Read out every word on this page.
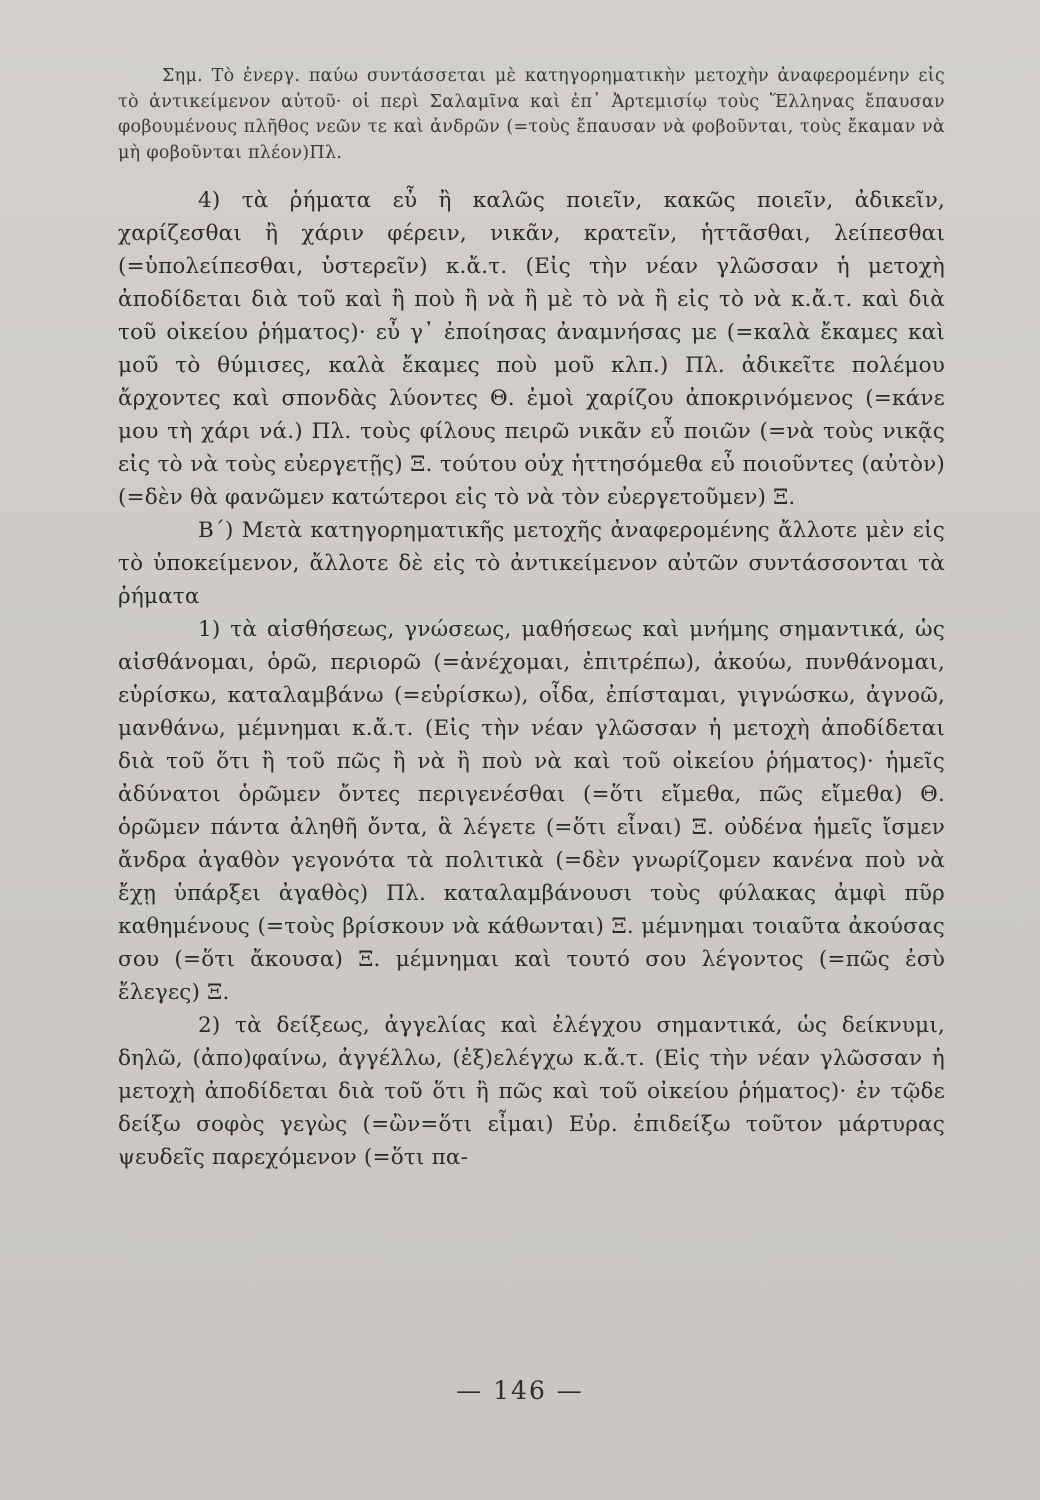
Σημ. Τὸ ἐνεργ. παύω συντάσσεται μὲ κατηγορηματικὴν μετοχὴν ἀναφερομένην εἰς τὸ ἀντικείμενον αὐτοῦ· οἱ περὶ Σαλαμῖνα καὶ ἐπ᾽ Ἀρτεμισίῳ τοὺς Ἕλληνας ἔπαυσαν φοβουμένους πλῆθος νεῶν τε καὶ ἀνδρῶν (=τοὺς ἔπαυσαν νὰ φοβοῦνται, τοὺς ἔκαμαν νὰ μὴ φοβοῦνται πλέον)Πλ.

4) τὰ ῥήματα εὖ ἢ καλῶς ποιεῖν, κακῶς ποιεῖν, ἀδικεῖν, χαρίζεσθαι ἢ χάριν φέρειν, νικᾶν, κρατεῖν, ἡττᾶσθαι, λείπεσθαι (=ὑπολείπεσθαι, ὑστερεῖν) κ.ἄ.τ. (Εἰς τὴν νέαν γλῶσσαν ἡ μετοχὴ ἀποδίδεται διὰ τοῦ καὶ ἢ ποὺ ἢ νὰ ἢ μὲ τὸ νὰ ἢ εἰς τὸ νὰ κ.ἄ.τ. καὶ διὰ τοῦ οἰκείου ῥήματος)· εὖ γ᾽ ἐποίησας ἀναμνήσας με (=καλὰ ἔκαμες καὶ μοῦ τὸ θύμισες, καλὰ ἔκαμες ποὺ μοῦ κλπ.) Πλ. ἀδικεῖτε πολέμου ἄρχοντες καὶ σπονδὰς λύοντες Θ. ἐμοὶ χαρίζου ἀποκρινόμενος (=κάνε μου τὴ χάρι νά.) Πλ. τοὺς φίλους πειρῶ νικᾶν εὖ ποιῶν (=νὰ τοὺς νικᾷς εἰς τὸ νὰ τοὺς εὐεργετῇς) Ξ. τούτου οὐχ ἡττησόμεθα εὖ ποιοῦντες (αὐτὸν) (=δὲν θὰ φανῶμεν κατώτεροι εἰς τὸ νὰ τὸν εὐεργετοῦμεν) Ξ.

Β΄) Μετὰ κατηγορηματικῆς μετοχῆς ἀναφερομένης ἄλλοτε μὲν εἰς τὸ ὑποκείμενον, ἄλλοτε δὲ εἰς τὸ ἀντικείμενον αὐτῶν συντάσσονται τὰ ῥήματα

1) τὰ αἰσθήσεως, γνώσεως, μαθήσεως καὶ μνήμης σημαντικά, ὡς αἰσθάνομαι, ὁρῶ, περιορῶ (=ἀνέχομαι, ἐπιτρέπω), ἀκούω, πυνθάνομαι, εὑρίσκω, καταλαμβάνω (=εὑρίσκω), οἶδα, ἐπίσταμαι, γιγνώσκω, ἀγνοῶ, μανθάνω, μέμνημαι κ.ἄ.τ. (Εἰς τὴν νέαν γλῶσσαν ἡ μετοχὴ ἀποδίδεται διὰ τοῦ ὅτι ἢ τοῦ πῶς ἢ νὰ ἢ ποὺ νὰ καὶ τοῦ οἰκείου ῥήματος)· ἡμεῖς ἀδύνατοι ὁρῶμεν ὄντες περιγενέσθαι (=ὅτι εἴμεθα, πῶς εἴμεθα) Θ. ὁρῶμεν πάντα ἀληθῆ ὄντα, ἃ λέγετε (=ὅτι εἶναι) Ξ. οὐδένα ἡμεῖς ἴσμεν ἄνδρα ἀγαθὸν γεγονότα τὰ πολιτικὰ (=δὲν γνωρίζομεν κανένα ποὺ νὰ ἔχῃ ὑπάρξει ἀγαθὸς) Πλ. καταλαμβάνουσι τοὺς φύλακας ἀμφὶ πῦρ καθημένους (=τοὺς βρίσκουν νὰ κάθωνται) Ξ. μέμνημαι τοιαῦτα ἀκούσας σου (=ὅτι ἄκουσα) Ξ. μέμνημαι καὶ τουτό σου λέγοντος (=πῶς ἐσὺ ἔλεγες) Ξ.

2) τὰ δείξεως, ἀγγελίας καὶ ἐλέγχου σημαντικά, ὡς δείκνυμι, δηλῶ, (ἀπο)φαίνω, ἀγγέλλω, (ἐξ)ελέγχω κ.ἄ.τ. (Εἰς τὴν νέαν γλῶσσαν ἡ μετοχὴ ἀποδίδεται διὰ τοῦ ὅτι ἢ πῶς καὶ τοῦ οἰκείου ῥήματος)· ἐν τῷδε δείξω σοφὸς γεγὼς (=ὢν=ὅτι εἶμαι) Εὐρ. ἐπιδείξω τοῦτον μάρτυρας ψευδεῖς παρεχόμενον (=ὅτι πα-

— 146 —
